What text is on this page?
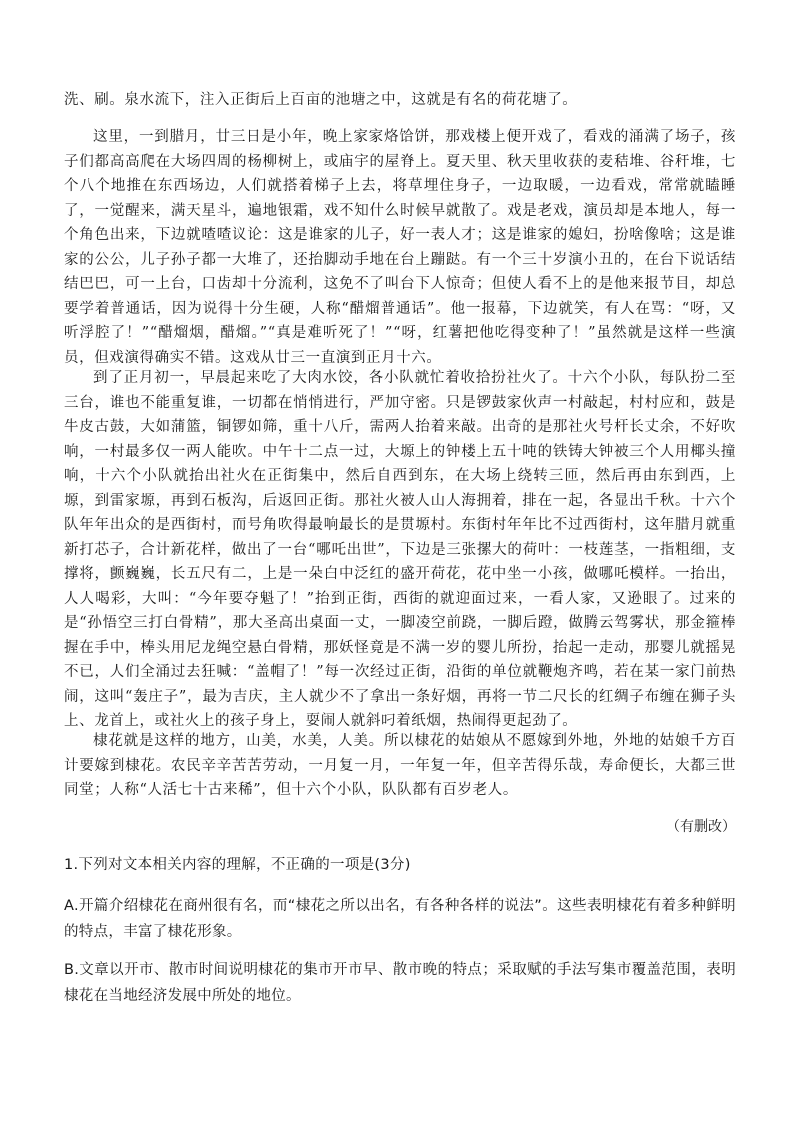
洗、刷。泉水流下，注入正街后上百亩的池塘之中，这就是有名的荷花塘了。

这里，一到腊月，廿三日是小年，晚上家家烙饸饼，那戏楼上便开戏了，看戏的涌满了场子，孩子们都高高爬在大场四周的杨柳树上，或庙宇的屋脊上。夏天里、秋天里收获的麦秸堆、谷秆堆，七个八个地推在东西场边，人们就搭着梯子上去，将草埋住身子，一边取暖，一边看戏，常常就瞌睡了，一觉醒来，满天星斗，遍地银霜，戏不知什么时候早就散了。戏是老戏，演员却是本地人，每一个角色出来，下边就喳喳议论：这是谁家的儿子，好一表人才；这是谁家的媳妇，扮啥像啥；这是谁家的公公，儿子孙子都一大堆了，还抬脚动手地在台上蹦跶。有一个三十岁演小丑的，在台下说话结结巴巴，可一上台，口齿却十分流利，这免不了叫台下人惊奇；但使人看不上的是他来报节目，却总要学着普通话，因为说得十分生硬，人称“醋熘普通话”。他一报幕，下边就笑，有人在骂：“呀，又听浮腔了！”“醋熘烟，醋熘。”“真是难听死了！”“呀，红薯把他吃得变种了！”虽然就是这样一些演员，但戏演得确实不错。这戏从廿三一直演到正月十六。

到了正月初一，早晨起来吃了大肉水饺，各小队就忙着收拾扮社火了。十六个小队，每队扮二至三台，谁也不能重复谁，一切都在悄悄进行，严加守密。只是锣鼓家伙声一村敲起，村村应和，鼓是牛皮古鼓，大如蒲篮，铜锣如筛，重十八斤，需两人抬着来敲。出奇的是那社火号杆长丈余，不好吹响，一村最多仅一两人能吹。中午十二点一过，大塬上的钟楼上五十吨的铁铸大钟被三个人用椰头撞响，十六个小队就抬出社火在正街集中，然后自西到东，在大场上绕转三匝，然后再由东到西，上塬，到雷家塬，再到石板沟，后返回正街。那社火被人山人海拥着，排在一起，各显出千秋。十六个队年年出众的是西街村，而号角吹得最响最长的是贯塬村。东街村年年比不过西街村，这年腊月就重新打芯子，合计新花样，做出了一台“哪吒出世”，下边是三张摞大的荷叶：一枝莲茎，一指粗细，支撑将，颤巍巍，长五尺有二，上是一朵白中泛红的盛开荷花，花中坐一小孩，做哪吒模样。一抬出，人人喝彩，大叫：“今年要夺魁了！”抬到正街，西街的就迎面过来，一看人家，又逊眼了。过来的是“孙悟空三打白骨精”，那大圣高出桌面一丈，一脚凌空前跷，一脚后蹬，做腾云驾雾状，那金箍棒握在手中，棒头用尼龙绳空悬白骨精，那妖怪竟是不满一岁的婴儿所扮，抬起一走动，那婴儿就摇晃不已，人们全涌过去狂喊：“盖帽了！”每一次经过正街，沿街的单位就鞭炮齐鸣，若在某一家门前热闹，这叫“轰庄子”，最为吉庆，主人就少不了拿出一条好烟，再将一节二尺长的红绸子布缠在狮子头上、龙首上，或社火上的孩子身上，耍闹人就斜叼着纸烟，热闹得更起劲了。

棣花就是这样的地方，山美，水美，人美。所以棣花的姑娘从不愿嫁到外地，外地的姑娘千方百计要嫁到棣花。农民辛辛苦苦劳动，一月复一月，一年复一年，但辛苦得乐哉，寿命便长，大都三世同堂；人称“人活七十古来稀”，但十六个小队，队队都有百岁老人。

（有删改）

1.下列对文本相关内容的理解，不正确的一项是(3分)

A.开篇介绍棣花在商州很有名，而“棣花之所以出名，有各种各样的说法”。这些表明棣花有着多种鲜明的特点，丰富了棣花形象。

B.文章以开市、散市时间说明棣花的集市开市早、散市晚的特点；采取赋的手法写集市覆盖范围，表明棣花在当地经济发展中所处的地位。
